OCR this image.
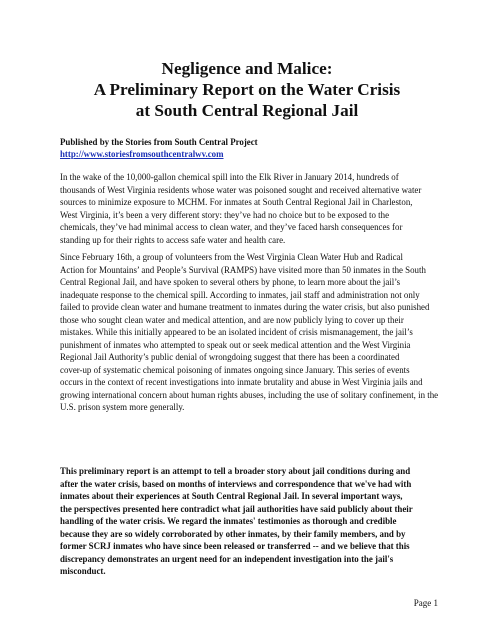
Negligence and Malice:
A Preliminary Report on the Water Crisis
at South Central Regional Jail
Published by the Stories from South Central Project
http://www.storiesfromsouthcentralwv.com
In the wake of the 10,000-gallon chemical spill into the Elk River in January 2014, hundreds of
thousands of West Virginia residents whose water was poisoned sought and received alternative water
sources to minimize exposure to MCHM. For inmates at South Central Regional Jail in Charleston,
West Virginia, it’s been a very different story: they’ve had no choice but to be exposed to the
chemicals, they’ve had minimal access to clean water, and they’ve faced harsh consequences for
standing up for their rights to access safe water and health care.
Since February 16th, a group of volunteers from the West Virginia Clean Water Hub and Radical
Action for Mountains’ and People’s Survival (RAMPS) have visited more than 50 inmates in the South
Central Regional Jail, and have spoken to several others by phone, to learn more about the jail’s
inadequate response to the chemical spill. According to inmates, jail staff and administration not only
failed to provide clean water and humane treatment to inmates during the water crisis, but also punished
those who sought clean water and medical attention, and are now publicly lying to cover up their
mistakes. While this initially appeared to be an isolated incident of crisis mismanagement, the jail’s
punishment of inmates who attempted to speak out or seek medical attention and the West Virginia
Regional Jail Authority’s public denial of wrongdoing suggest that there has been a coordinated
cover-up of systematic chemical poisoning of inmates ongoing since January. This series of events
occurs in the context of recent investigations into inmate brutality and abuse in West Virginia jails and
growing international concern about human rights abuses, including the use of solitary confinement, in the
U.S. prison system more generally.
This preliminary report is an attempt to tell a broader story about jail conditions during and
after the water crisis, based on months of interviews and correspondence that we've had with
inmates about their experiences at South Central Regional Jail. In several important ways,
the perspectives presented here contradict what jail authorities have said publicly about their
handling of the water crisis. We regard the inmates' testimonies as thorough and credible
because they are so widely corroborated by other inmates, by their family members, and by
former SCRJ inmates who have since been released or transferred -- and we believe that this
discrepancy demonstrates an urgent need for an independent investigation into the jail's
misconduct.
Page 1
